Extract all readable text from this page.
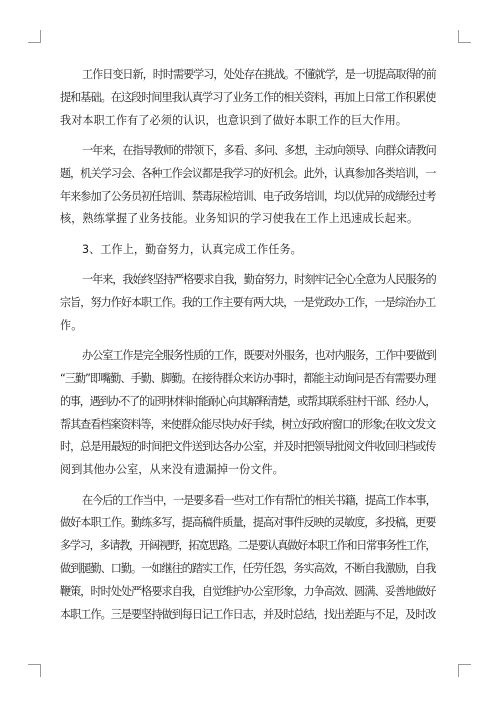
工作日变日新，时时需要学习，处处存在挑战。不懂就学，是一切提高取得的前
提和基础。在这段时间里我认真学习了业务工作的相关资料，再加上日常工作积累使
我对本职工作有了必须的认识，也意识到了做好本职工作的巨大作用。
一年来，在指导教师的带领下，多看、多问、多想，主动向领导、向群众请教问
题，机关学习会、各种工作会议都是我学习的好机会。此外，认真参加各类培训，一
年来参加了公务员初任培训、禁毒尿检培训、电子政务培训，均以优异的成绩经过考
核，熟练掌握了业务技能。业务知识的学习使我在工作上迅速成长起来。
3、工作上，勤奋努力，认真完成工作任务。
一年来，我始终坚持严格要求自我，勤奋努力，时刻牢记全心全意为人民服务的
宗旨，努力作好本职工作。我的工作主要有两大块，一是党政办工作，一是综治办工
作。
办公室工作是完全服务性质的工作，既要对外服务，也对内服务，工作中要做到
“三勤”即嘴勤、手勤、脚勤。在接待群众来访办事时，都能主动询问是否有需要办理
的事，遇到办不了的证明材料时能耐心向其解释清楚，或帮其联系驻村干部、经办人，
帮其查看档案资料等，来使群众能尽快办好手续，树立好政府窗口的形象;在收文发文
时，总是用最短的时间把文件送到达各办公室，并及时把领导批阅文件收回归档或传
阅到其他办公室，从来没有遗漏掉一份文件。
在今后的工作当中，一是要多看一些对工作有帮忙的相关书籍，提高工作本事，
做好本职工作。勤练多写，提高稿件质量，提高对事件反映的灵敏度，多投稿，更要
多学习，多请教，开阔视野，拓宽思路。二是要认真做好本职工作和日常事务性工作，
做到腿勤、口勤。一如继往的踏实工作，任劳任怨，务实高效，不断自我激励，自我
鞭策，时时处处严格要求自我，自觉维护办公室形象，力争高效、圆满、妥善地做好
本职工作。三是要坚持做到每日记工作日志，并及时总结，找出差距与不足，及时改
